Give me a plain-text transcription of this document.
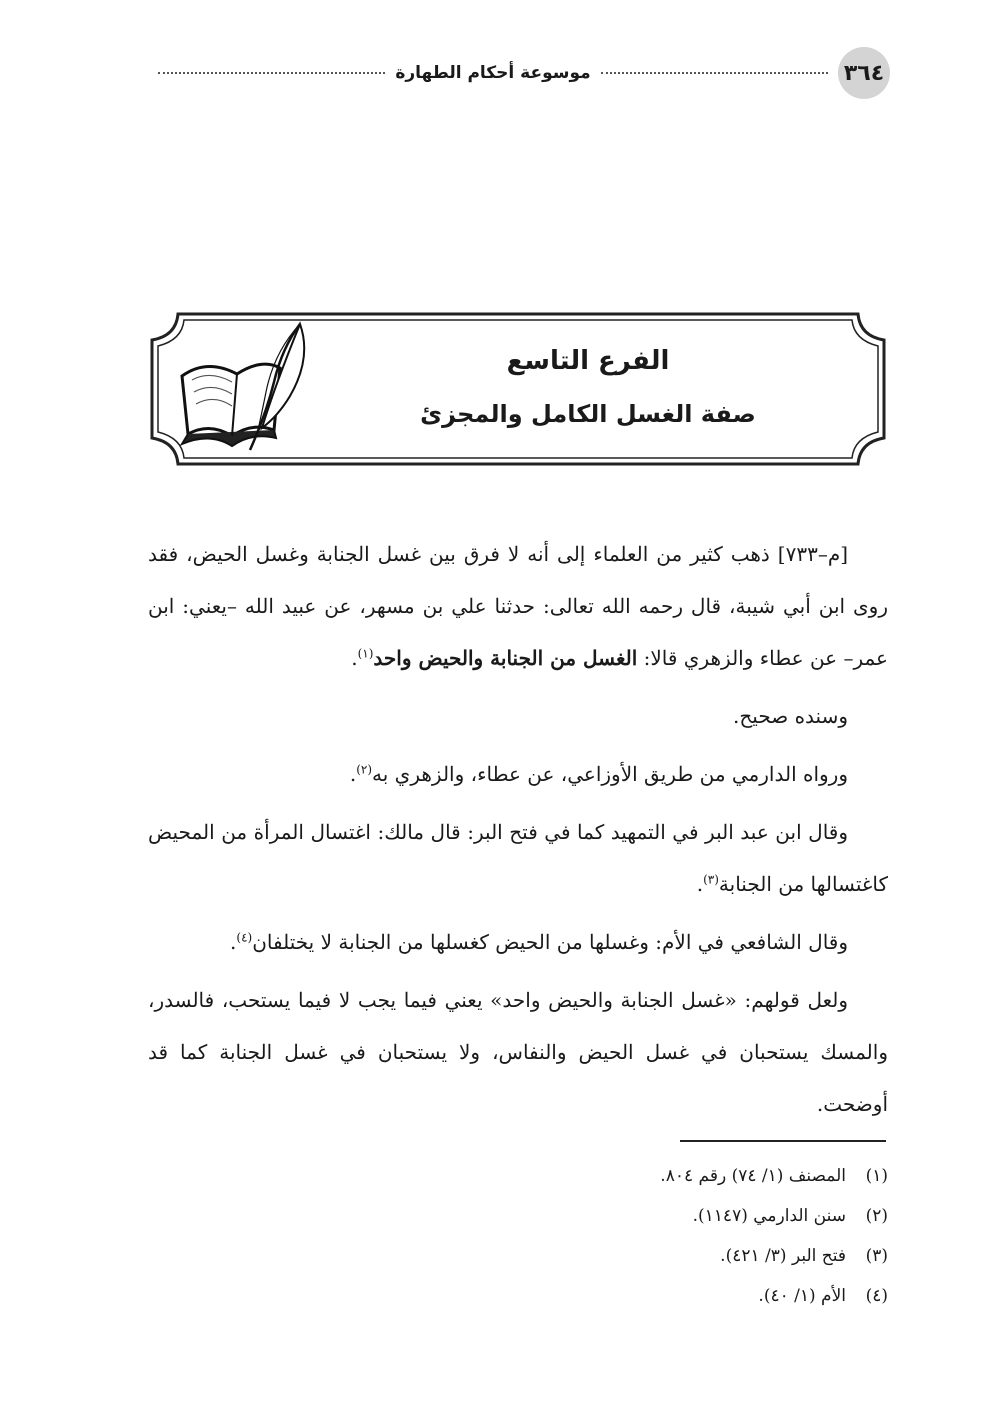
٣٦٤
موسوعة أحكام الطهارة
الفرع التاسع
صفة الغسل الكامل والمجزئ

[م–٧٣٣] ذهب كثير من العلماء إلى أنه لا فرق بين غسل الجنابة وغسل الحيض، فقد روى ابن أبي شيبة، قال رحمه الله تعالى: حدثنا علي بن مسهر، عن عبيد الله –يعني: ابن عمر– عن عطاء والزهري قالا: الغسل من الجنابة والحيض واحد$^{(١)}$.

وسنده صحيح.

ورواه الدارمي من طريق الأوزاعي، عن عطاء، والزهري به$^{(٢)}$.

وقال ابن عبد البر في التمهيد كما في فتح البر: قال مالك: اغتسال المرأة من المحيض كاغتسالها من الجنابة$^{(٣)}$.

وقال الشافعي في الأم: وغسلها من الحيض كغسلها من الجنابة لا يختلفان$^{(٤)}$.

ولعل قولهم: «غسل الجنابة والحيض واحد» يعني فيما يجب لا فيما يستحب، فالسدر، والمسك يستحبان في غسل الحيض والنفاس، ولا يستحبان في غسل الجنابة كما قد أوضحت.

(١)المصنف (١/ ٧٤) رقم ٨٠٤.
(٢)سنن الدارمي (١١٤٧).
(٣)فتح البر (٣/ ٤٢١).
(٤)الأم (١/ ٤٠).
